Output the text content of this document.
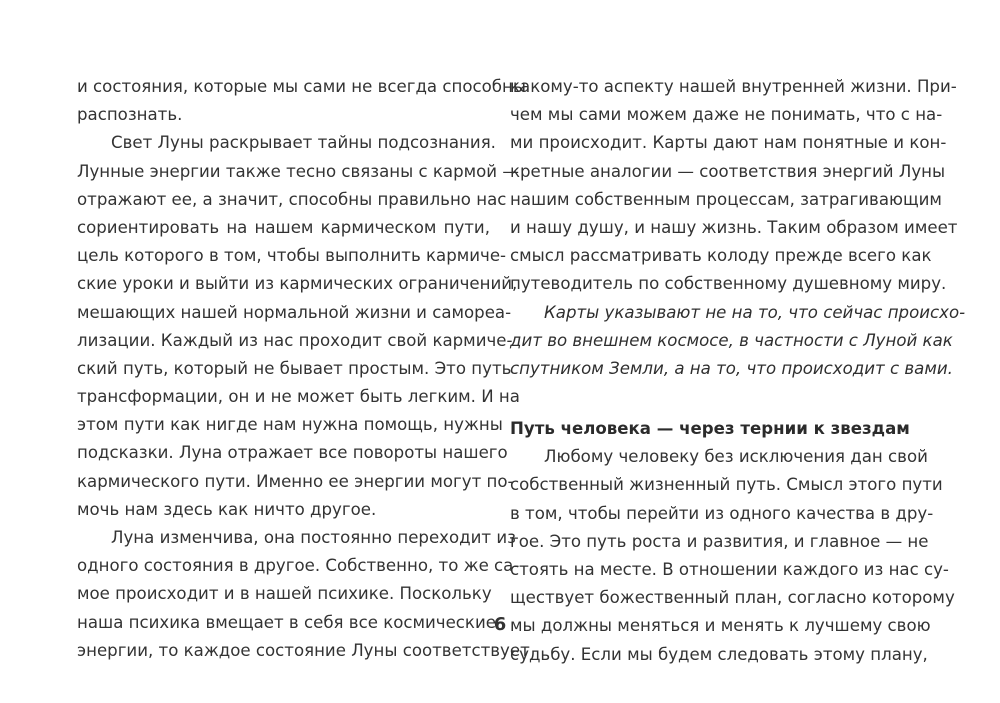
и состояния, которые мы сами не всегда способны
распознать.
Свет Луны раскрывает тайны подсознания.
Лунные энергии также тесно связаны с кармой —
отражают ее, а значит, способны правильно нас
сориентировать на нашем кармическом пути,
цель которого в том, чтобы выполнить кармиче-
ские уроки и выйти из кармических ограничений,
мешающих нашей нормальной жизни и самореа-
лизации. Каждый из нас проходит свой кармиче-
ский путь, который не бывает простым. Это путь
трансформации, он и не может быть легким. И на
этом пути как нигде нам нужна помощь, нужны
подсказки. Луна отражает все повороты нашего
кармического пути. Именно ее энергии могут по-
мочь нам здесь как ничто другое.
Луна изменчива, она постоянно переходит из
одного состояния в другое. Собственно, то же са-
мое происходит и в нашей психике. Поскольку
наша психика вмещает в себя все космические
энергии, то каждое состояние Луны соответствует
какому-то аспекту нашей внутренней жизни. При-
чем мы сами можем даже не понимать, что с на-
ми происходит. Карты дают нам понятные и кон-
кретные аналогии — соответствия энергий Луны
нашим собственным процессам, затрагивающим
и нашу душу, и нашу жизнь. Таким образом имеет
смысл рассматривать колоду прежде всего как
путеводитель по собственному душевному миру.
Карты указывают не на то, что сейчас происхо-
дит во внешнем космосе, в частности с Луной как
спутником Земли, а на то, что происходит с вами.
Путь человека — через тернии к звездам
Любому человеку без исключения дан свой
собственный жизненный путь. Смысл этого пути
в том, чтобы перейти из одного качества в дру-
гое. Это путь роста и развития, и главное — не
стоять на месте. В отношении каждого из нас су-
ществует божественный план, согласно которому
мы должны меняться и менять к лучшему свою
судьбу. Если мы будем следовать этому плану,
6
